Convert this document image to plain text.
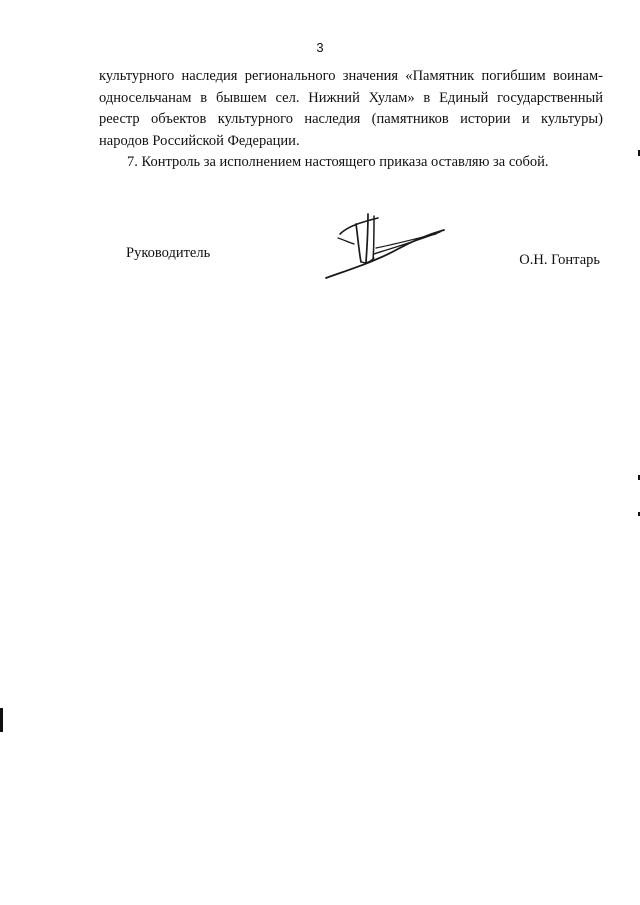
3
культурного наследия регионального значения «Памятник погибшим воинам-
односельчанам в бывшем сел. Нижний Хулам» в Единый государственный
реестр объектов культурного наследия (памятников истории и культуры)
народов Российской Федерации.
7. Контроль за исполнением настоящего приказа оставляю за собой.
Руководитель	О.Н. Гонтарь
